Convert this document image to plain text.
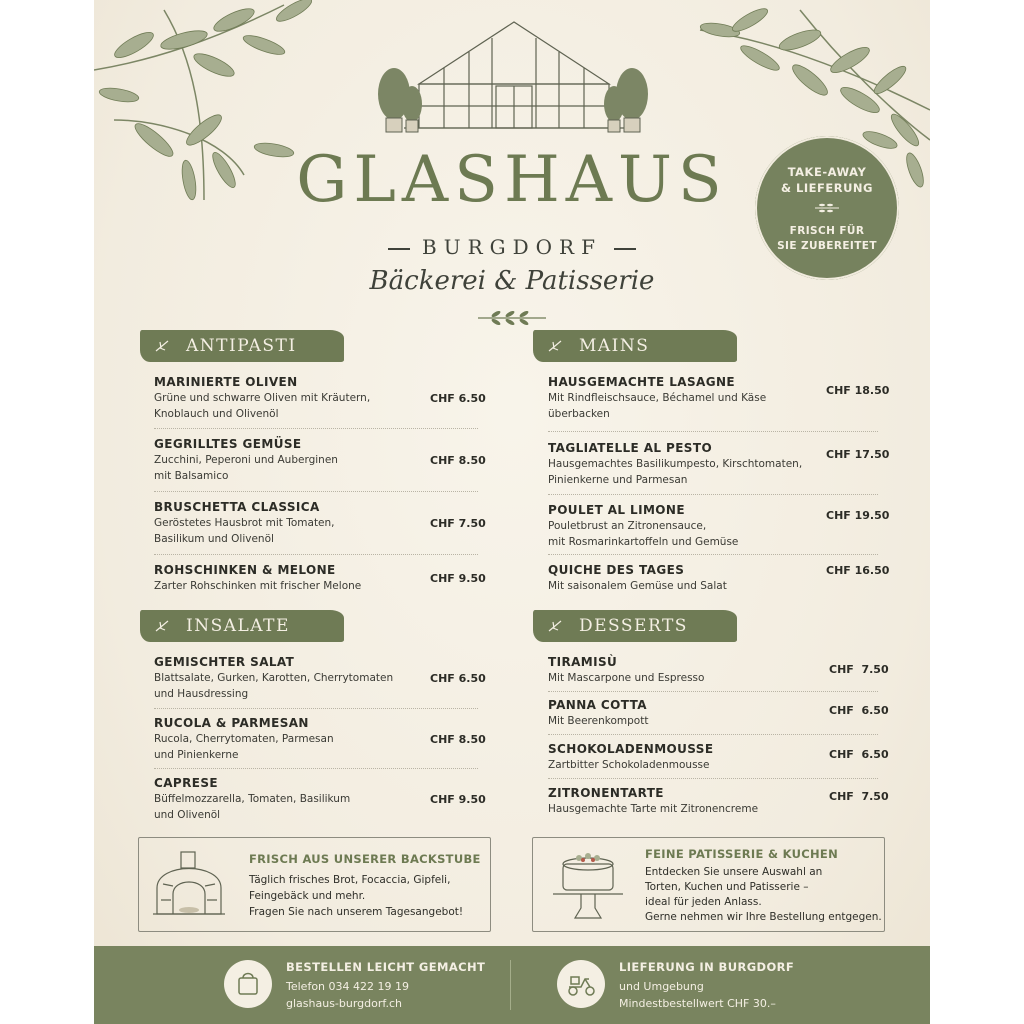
GLASHAUS
BURGDORF
Bäckerei & Patisserie
TAKE-AWAY
& LIEFERUNG
FRISCH FÜR
SIE ZUBEREITET
ANTIPASTI
MARINIERTE OLIVEN
Grüne und schwarre Oliven mit Kräutern,
Knoblauch und Olivenöl
CHF 6.50
GEGRILLTES GEMÜSE
Zucchini, Peperoni und Auberginen
mit Balsamico
CHF 8.50
BRUSCHETTA CLASSICA
Geröstetes Hausbrot mit Tomaten,
Basilikum und Olivenöl
CHF 7.50
ROHSCHINKEN & MELONE
Zarter Rohschinken mit frischer Melone
CHF 9.50
INSALATE
GEMISCHTER SALAT
Blattsalate, Gurken, Karotten, Cherrytomaten
und Hausdressing
CHF 6.50
RUCOLA & PARMESAN
Rucola, Cherrytomaten, Parmesan
und Pinienkerne
CHF 8.50
CAPRESE
Büffelmozzarella, Tomaten, Basilikum
und Olivenöl
CHF 9.50
MAINS
HAUSGEMACHTE LASAGNE
Mit Rindfleischsauce, Béchamel und Käse
überbacken
CHF 18.50
TAGLIATELLE AL PESTO
Hausgemachtes Basilikumpesto, Kirschtomaten,
Pinienkerne und Parmesan
CHF 17.50
POULET AL LIMONE
Pouletbrust an Zitronensauce,
mit Rosmarinkartoffeln und Gemüse
CHF 19.50
QUICHE DES TAGES
Mit saisonalem Gemüse und Salat
CHF 16.50
DESSERTS
TIRAMISÙ
Mit Mascarpone und Espresso
CHF  7.50
PANNA COTTA
Mit Beerenkompott
CHF  6.50
SCHOKOLADENMOUSSE
Zartbitter Schokoladenmousse
CHF  6.50
ZITRONENTARTE
Hausgemachte Tarte mit Zitronencreme
CHF  7.50
FRISCH AUS UNSERER BACKSTUBE
Täglich frisches Brot, Focaccia, Gipfeli,
Feingebäck und mehr.
Fragen Sie nach unserem Tagesangebot!
FEINE PATISSERIE & KUCHEN
Entdecken Sie unsere Auswahl an
Torten, Kuchen und Patisserie –
ideal für jeden Anlass.
Gerne nehmen wir Ihre Bestellung entgegen.
BESTELLEN LEICHT GEMACHT
Telefon 034 422 19 19
glashaus-burgdorf.ch
LIEFERUNG IN BURGDORF
und Umgebung
Mindestbestellwert CHF 30.–
